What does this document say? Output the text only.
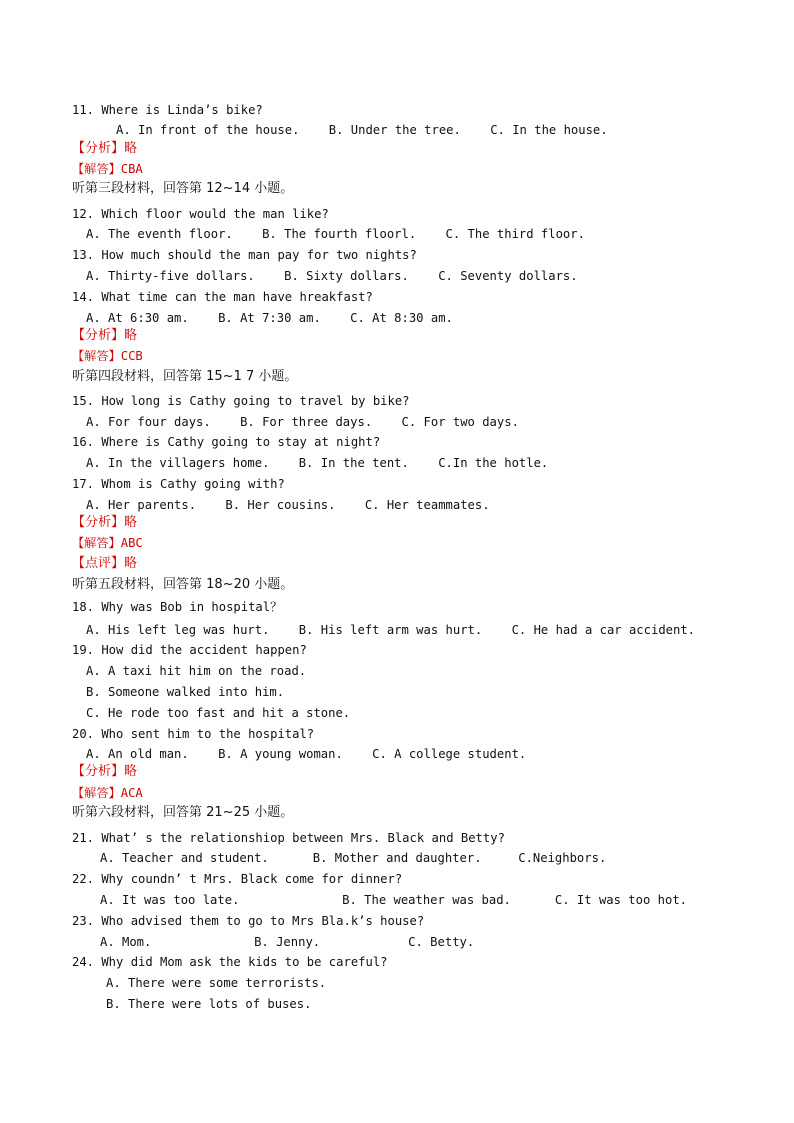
11. Where is Linda’s bike?
A. In front of the house.    B. Under the tree.    C. In the house.
【分析】略
【解答】CBA
听第三段材料，回答第 12~14 小题。
12. Which floor would the man like?
A. The eventh floor.    B. The fourth floorl.    C. The third floor.
13. How much should the man pay for two nights?
A. Thirty-five dollars.    B. Sixty dollars.    C. Seventy dollars.
14. What time can the man have hreakfast?
A. At 6:30 am.    B. At 7:30 am.    C. At 8:30 am.
【分析】略
【解答】CCB
听第四段材料，回答第 15~1 7 小题。
15. How long is Cathy going to travel by bike?
A. For four days.    B. For three days.    C. For two days.
16. Where is Cathy going to stay at night?
A. In the villagers home.    B. In the tent.    C.In the hotle.
17. Whom is Cathy going with?
A. Her parents.    B. Her cousins.    C. Her teammates.
【分析】略
【解答】ABC
【点评】略
听第五段材料，回答第 18~20 小题。
18. Why was Bob in hospital？
A. His left leg was hurt.    B. His left arm was hurt.    C. He had a car accident.
19. How did the accident happen?
A. A taxi hit him on the road.
B. Someone walked into him.
C. He rode too fast and hit a stone.
20. Who sent him to the hospital?
A. An old man.    B. A young woman.    C. A college student.
【分析】略
【解答】ACA
听第六段材料，回答第 21~25 小题。
21. What’ s the relationshiop between Mrs. Black and Betty?
A. Teacher and student.      B. Mother and daughter.     C.Neighbors.
22. Why coundn’ t Mrs. Black come for dinner?
A. It was too late.              B. The weather was bad.      C. It was too hot.
23. Who advised them to go to Mrs Bla.k’s house?
A. Mom.              B. Jenny.            C. Betty.
24. Why did Mom ask the kids to be careful?
A. There were some terrorists.
B. There were lots of buses.
